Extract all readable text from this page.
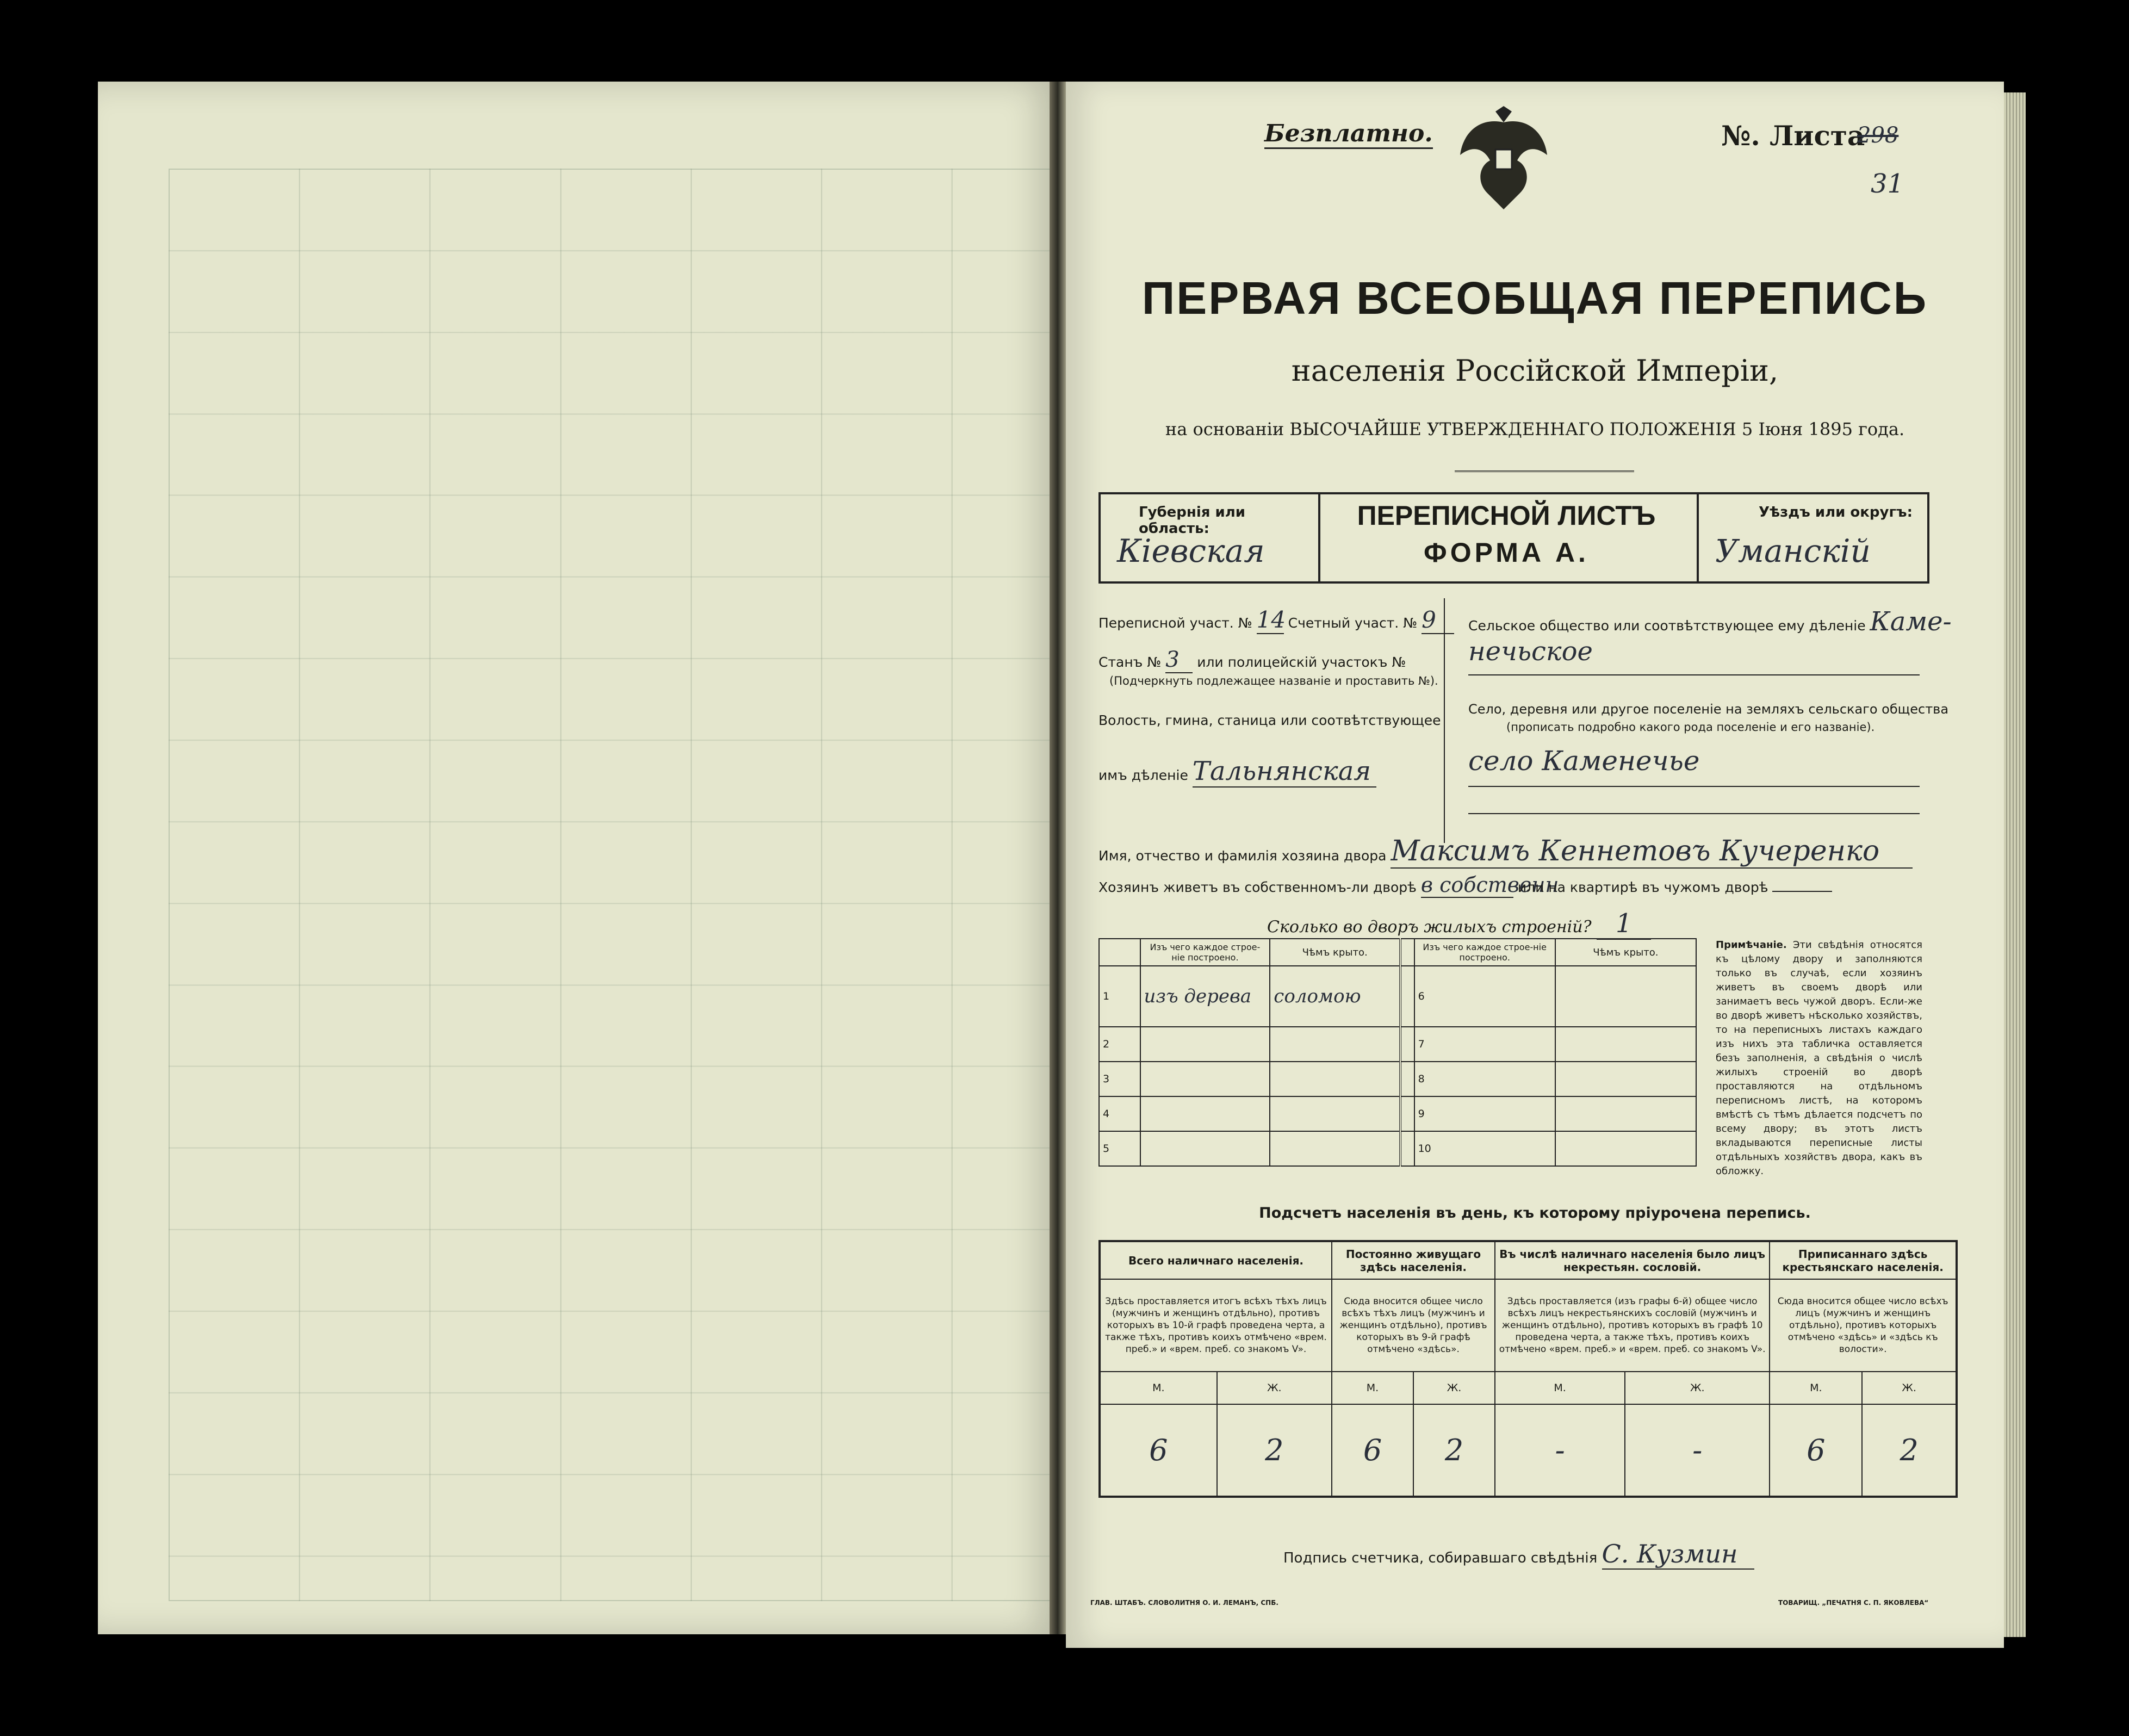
Безплатно.	№. Листа
298
31
ПЕРВАЯ ВСЕОБЩАЯ ПЕРЕПИСЬ
населенія Россійской Имперіи,
на основаніи ВЫСОЧАЙШЕ УТВЕРЖДЕННАГО ПОЛОЖЕНІЯ 5 Іюня 1895 года.
Губернія или область:
Кіевская
ПЕРЕПИСНОЙ ЛИСТЪ
ФОРМА А.
Уѣздъ или округъ:
Уманскій
Переписной участ. № 14 Счетный участ. № 9
Станъ № 3 или полицейскій участокъ №
(Подчеркнуть подлежащее названіе и проставить №).
Волость, гмина, станица или соотвѣтствующее
имъ дѣленіе Тальнянская
Сельское общество или соотвѣтствующее ему дѣленіе Каме-
нечьское
Село, деревня или другое поселеніе на земляхъ сельскаго общества
(прописать подробно какого рода поселеніе и его названіе).
село Каменечье
Имя, отчество и фамилія хозяина двора Максимъ Кеннетовъ Кучеренко
Хозяинъ живетъ въ собственномъ-ли дворѣ в собственн или на квартирѣ въ чужомъ дворѣ
Сколько во дворъ жилыхъ строеній? 1
	Изъ чего каждое строе-ніе построено.	Чѣмъ крыто.		Изъ чего каждое строе-ніе построено.	Чѣмъ крыто.
1	изъ дерева	соломою		6	
2				7	
3				8	
4				9	
5				10	
Примѣчаніе. Эти свѣдѣнія относятся къ цѣлому двору и заполняются только въ случаѣ, если хозяинъ живетъ въ своемъ дворѣ или занимаетъ весь чужой дворъ. Если-же во дворѣ живетъ нѣсколько хозяйствъ, то на переписныхъ листахъ каждаго изъ нихъ эта табличка оставляется безъ заполненія, а свѣдѣнія о числѣ жилыхъ строеній во дворѣ проставляются на отдѣльномъ переписномъ листѣ, на которомъ вмѣстѣ съ тѣмъ дѣлается подсчетъ по всему двору; въ этотъ листъ вкладываются переписные листы отдѣльныхъ хозяйствъ двора, какъ въ обложку.
Подсчетъ населенія въ день, къ которому пріурочена перепись.
Всего наличнаго населенія.		Постоянно живущаго здѣсь населенія.		Въ числѣ наличнаго населенія было лицъ некрестьян. сословій.		Приписаннаго здѣсь крестьянскаго населенія.	
Здѣсь проставляется итогъ всѣхъ тѣхъ лицъ (мужчинъ и женщинъ отдѣльно), противъ которыхъ въ 10-й графѣ проведена черта, а также тѣхъ, противъ коихъ отмѣчено «врем. преб.» и «врем. преб. со знакомъ V».		Сюда вносится общее число всѣхъ тѣхъ лицъ (мужчинъ и женщинъ отдѣльно), противъ которыхъ въ 9-й графѣ отмѣчено «здѣсь».		Здѣсь проставляется (изъ графы 6-й) общее число всѣхъ лицъ некрестьянскихъ сословій (мужчинъ и женщинъ отдѣльно), противъ которыхъ въ графѣ 10 проведена черта, а также тѣхъ, противъ коихъ отмѣчено «врем. преб.» и «врем. преб. со знакомъ V».		Сюда вносится общее число всѣхъ лицъ (мужчинъ и женщинъ отдѣльно), противъ которыхъ отмѣчено «здѣсь» и «здѣсь къ волости».	
М.	Ж.	М.	Ж.	М.	Ж.	М.	Ж.
6	2	6	2	-	-	6	2
Подпись счетчика, собиравшаго свѣдѣнія С. Кузмин
ГЛАВ. ШТАБЪ. СЛОВОЛИТНЯ О. И. ЛЕМАНЪ, СПБ.	ТОВАРИЩ. „ПЕЧАТНЯ С. П. ЯКОВЛЕВА“
